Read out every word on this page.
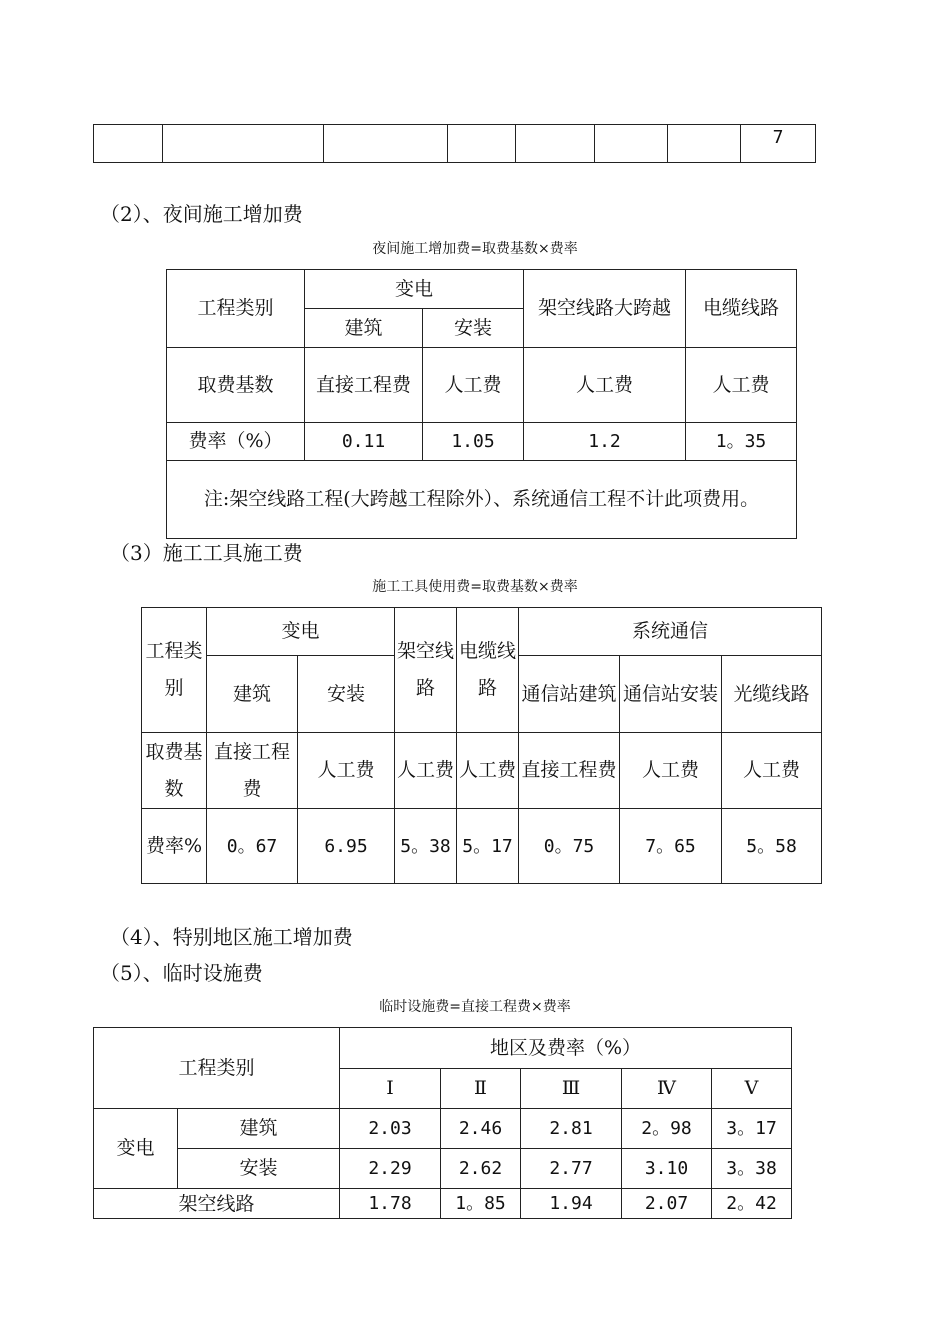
							7
（2）、夜间施工增加费
夜间施工增加费=取费基数×费率
工程类别	变电		架空线路大跨越	电缆线路
	建筑	安装		
取费基数	直接工程费	人工费	人工费	人工费
费率（%）	0.11	1.05	1.2	1。35
注:架空线路工程(大跨越工程除外）、系统通信工程不计此项费用。				
（3）施工工具施工费
施工工具使用费=取费基数×费率
工程类别	变电		架空线路	电缆线路	系统通信		
	建筑	安装			通信站建筑	通信站安装	光缆线路
取费基数	直接工程费	人工费	人工费	人工费	直接工程费	人工费	人工费
费率%	0。67	6.95	5。38	5。17	0。75	7。65	5。58
（4）、特别地区施工增加费
（5）、临时设施费
临时设施费=直接工程费×费率
工程类别		地区及费率（%）				
		Ⅰ	Ⅱ	Ⅲ	Ⅳ	Ⅴ
变电	建筑	2.03	2.46	2.81	2。98	3。17
	安装	2.29	2.62	2.77	3.10	3。38
架空线路		1.78	1。85	1.94	2.07	2。42
